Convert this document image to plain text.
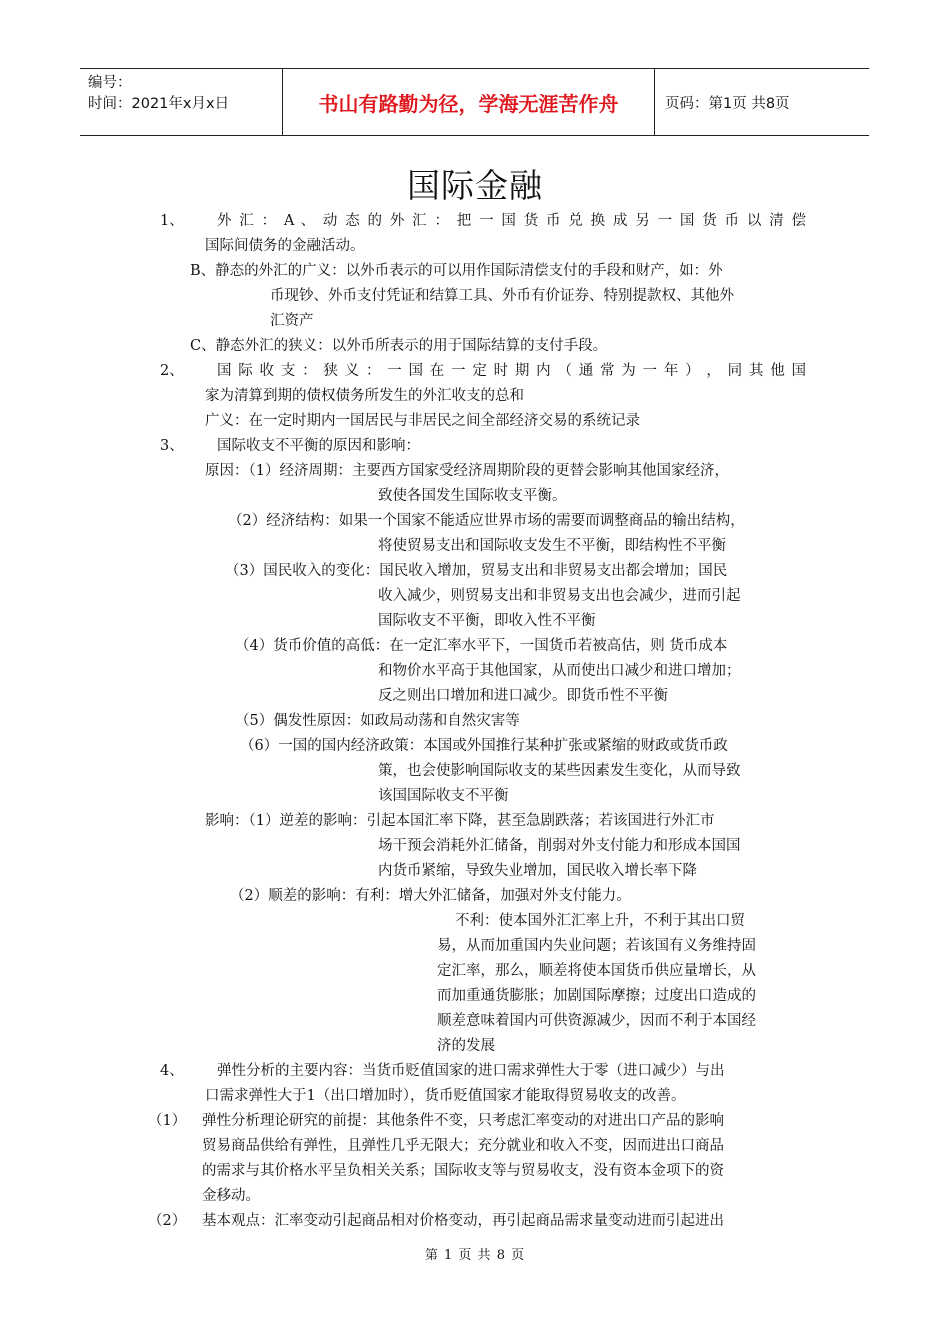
编号：
时间：2021年x月x日	书山有路勤为径，学海无涯苦作舟	页码：第1页 共8页
国际金融
1、 外 汇 ： A 、 动 态 的 外 汇 ： 把 一 国 货 币 兑 换 成 另 一 国 货 币 以 清 偿
国际间债务的金融活动。
B、静态的外汇的广义：以外币表示的可以用作国际清偿支付的手段和财产，如：外
币现钞、外币支付凭证和结算工具、外币有价证券、特别提款权、其他外
汇资产
C、静态外汇的狭义：以外币所表示的用于国际结算的支付手段。
2、 国 际 收 支 ： 狭 义 ： 一 国 在 一 定 时 期 内 （ 通 常 为 一 年 ） ， 同 其 他 国
家为清算到期的债权债务所发生的外汇收支的总和
广义：在一定时期内一国居民与非居民之间全部经济交易的系统记录
3、 国际收支不平衡的原因和影响：
原因：（1）经济周期：主要西方国家受经济周期阶段的更替会影响其他国家经济，
致使各国发生国际收支平衡。
（2）经济结构：如果一个国家不能适应世界市场的需要而调整商品的输出结构，
将使贸易支出和国际收支发生不平衡，即结构性不平衡
（3）国民收入的变化：国民收入增加，贸易支出和非贸易支出都会增加；国民
收入减少，则贸易支出和非贸易支出也会减少，进而引起
国际收支不平衡，即收入性不平衡
（4）货币价值的高低：在一定汇率水平下，一国货币若被高估，则 货币成本
和物价水平高于其他国家，从而使出口减少和进口增加；
反之则出口增加和进口减少。即货币性不平衡
（5）偶发性原因：如政局动荡和自然灾害等
（6）一国的国内经济政策：本国或外国推行某种扩张或紧缩的财政或货币政
策，也会使影响国际收支的某些因素发生变化，从而导致
该国国际收支不平衡
影响：（1）逆差的影响：引起本国汇率下降，甚至急剧跌落；若该国进行外汇市
场干预会消耗外汇储备，削弱对外支付能力和形成本国国
内货币紧缩，导致失业增加，国民收入增长率下降
（2）顺差的影响：有利：增大外汇储备，加强对外支付能力。
不利：使本国外汇汇率上升，不利于其出口贸
易，从而加重国内失业问题；若该国有义务维持固
定汇率，那么，顺差将使本国货币供应量增长，从
而加重通货膨胀；加剧国际摩擦；过度出口造成的
顺差意味着国内可供资源减少，因而不利于本国经
济的发展
4、 弹性分析的主要内容：当货币贬值国家的进口需求弹性大于零（进口减少）与出
口需求弹性大于1（出口增加时），货币贬值国家才能取得贸易收支的改善。
（1） 弹性分析理论研究的前提：其他条件不变，只考虑汇率变动的对进出口产品的影响
贸易商品供给有弹性，且弹性几乎无限大；充分就业和收入不变，因而进出口商品
的需求与其价格水平呈负相关关系；国际收支等与贸易收支，没有资本金项下的资
金移动。
（2） 基本观点：汇率变动引起商品相对价格变动，再引起商品需求量变动进而引起进出
第 1 页 共 8 页
